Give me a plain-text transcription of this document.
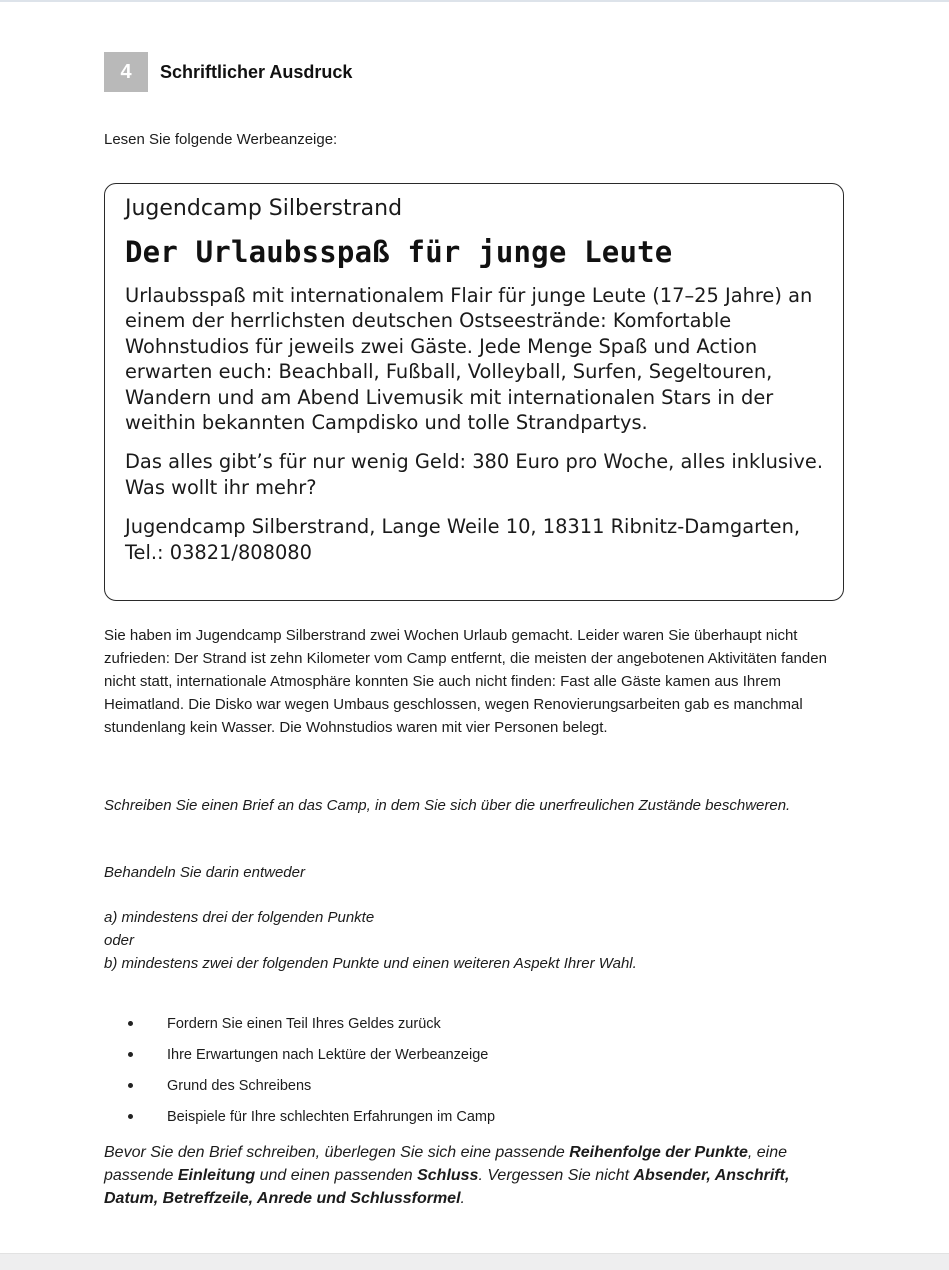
4	Schriftlicher Ausdruck

Lesen Sie folgende Werbeanzeige:

Jugendcamp Silberstrand

Der Urlaubsspaß für junge Leute

Urlaubsspaß mit internationalem Flair für junge Leute (17–25 Jahre) an einem der herrlichsten deutschen Ostseestrände: Komfortable Wohnstudios für jeweils zwei Gäste. Jede Menge Spaß und Action erwarten euch: Beachball, Fußball, Volleyball, Surfen, Segeltouren, Wandern und am Abend Livemusik mit internationalen Stars in der weithin bekannten Campdisko und tolle Strandpartys.

Das alles gibt’s für nur wenig Geld: 380 Euro pro Woche, alles inklusive. Was wollt ihr mehr?

Jugendcamp Silberstrand, Lange Weile 10, 18311 Ribnitz-Damgarten, Tel.: 03821/808080

Sie haben im Jugendcamp Silberstrand zwei Wochen Urlaub gemacht. Leider waren Sie überhaupt nicht zufrieden: Der Strand ist zehn Kilometer vom Camp entfernt, die meisten der angebotenen Aktivitäten fanden nicht statt, internationale Atmosphäre konnten Sie auch nicht finden: Fast alle Gäste kamen aus Ihrem Heimatland. Die Disko war wegen Umbaus geschlossen, wegen Renovierungsarbeiten gab es manchmal stundenlang kein Wasser. Die Wohnstudios waren mit vier Personen belegt.

Schreiben Sie einen Brief an das Camp, in dem Sie sich über die unerfreulichen Zustände beschweren.

Behandeln Sie darin entweder

a) mindestens drei der folgenden Punkte

oder

b) mindestens zwei der folgenden Punkte und einen weiteren Aspekt Ihrer Wahl.

Fordern Sie einen Teil Ihres Geldes zurück
Ihre Erwartungen nach Lektüre der Werbeanzeige
Grund des Schreibens
Beispiele für Ihre schlechten Erfahrungen im Camp

Bevor Sie den Brief schreiben, überlegen Sie sich eine passende Reihenfolge der Punkte, eine passende Einleitung und einen passenden Schluss. Vergessen Sie nicht Absender, Anschrift, Datum, Betreffzeile, Anrede und Schlussformel.
